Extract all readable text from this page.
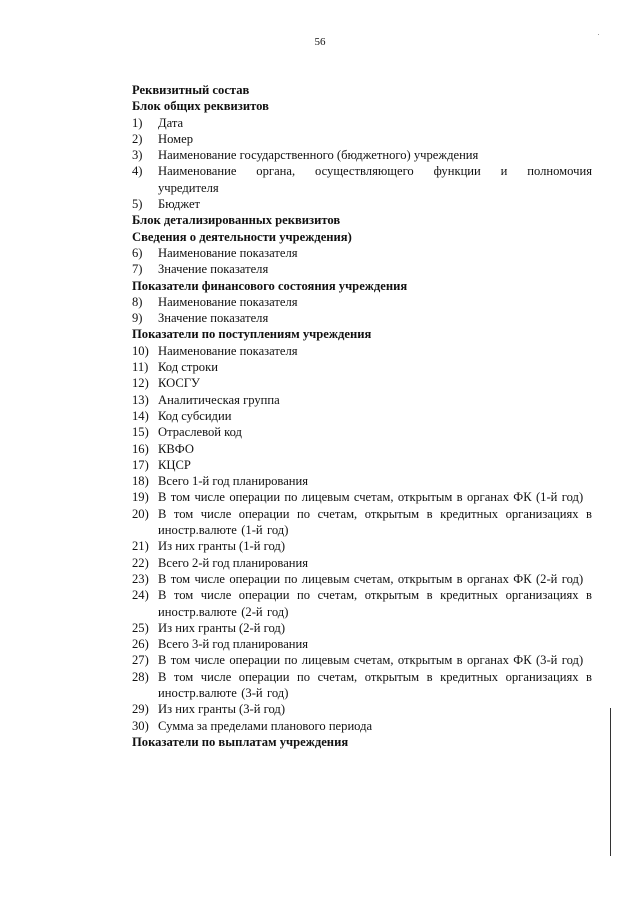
56
Реквизитный состав
Блок общих реквизитов
1) Дата
2) Номер
3) Наименование государственного (бюджетного) учреждения
4) Наименование органа, осуществляющего функции и полномочия учредителя
5) Бюджет
Блок детализированных реквизитов
Сведения о деятельности учреждения)
6) Наименование показателя
7) Значение показателя
Показатели финансового состояния учреждения
8) Наименование показателя
9) Значение показателя
Показатели по поступлениям учреждения
10) Наименование показателя
11) Код строки
12) КОСГУ
13) Аналитическая группа
14) Код субсидии
15) Отраслевой код
16) КВФО
17) КЦСР
18) Всего 1-й год планирования
19) В том числе операции по лицевым счетам, открытым в органах ФК (1-й год)
20) В том числе операции по счетам, открытым в кредитных организациях в иностр.валюте (1-й год)
21) Из них гранты (1-й год)
22) Всего 2-й год планирования
23) В том числе операции по лицевым счетам, открытым в органах ФК (2-й год)
24) В том числе операции по счетам, открытым в кредитных организациях в иностр.валюте (2-й год)
25) Из них гранты (2-й год)
26) Всего 3-й год планирования
27) В том числе операции по лицевым счетам, открытым в органах ФК (3-й год)
28) В том числе операции по счетам, открытым в кредитных организациях в иностр.валюте (3-й год)
29) Из них гранты (3-й год)
30) Сумма за пределами планового периода
Показатели по выплатам учреждения
